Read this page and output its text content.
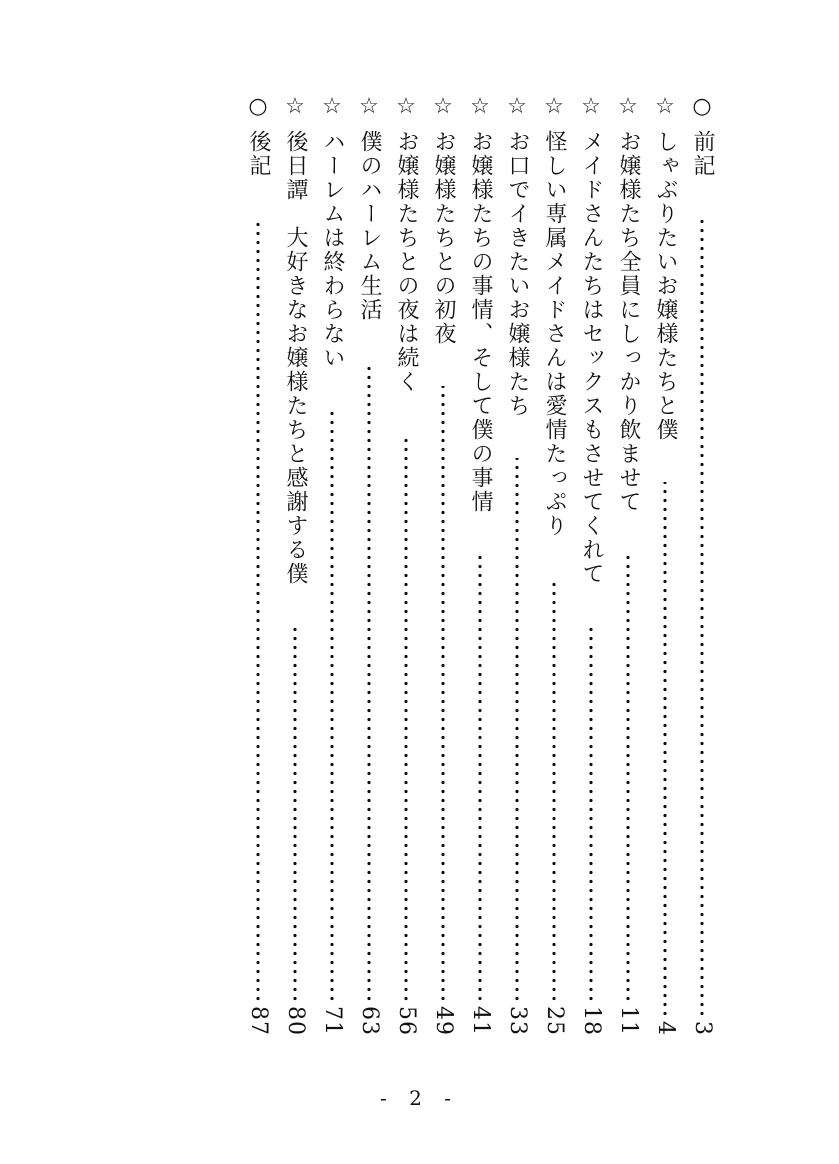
○
前記
3
☆
しゃぶりたいお嬢様たちと僕
4
☆
お嬢様たち全員にしっかり飲ませて
11
☆
メイドさんたちはセックスもさせてくれて
18
☆
怪しい専属メイドさんは愛情たっぷり
25
☆
お口でイきたいお嬢様たち
33
☆
お嬢様たちの事情、そして僕の事情
41
☆
お嬢様たちとの初夜
49
☆
お嬢様たちとの夜は続く
56
☆
僕のハーレム生活
63
☆
ハーレムは終わらない
71
☆
後日譚　大好きなお嬢様たちと感謝する僕
80
○
後記
87
- 2 -
